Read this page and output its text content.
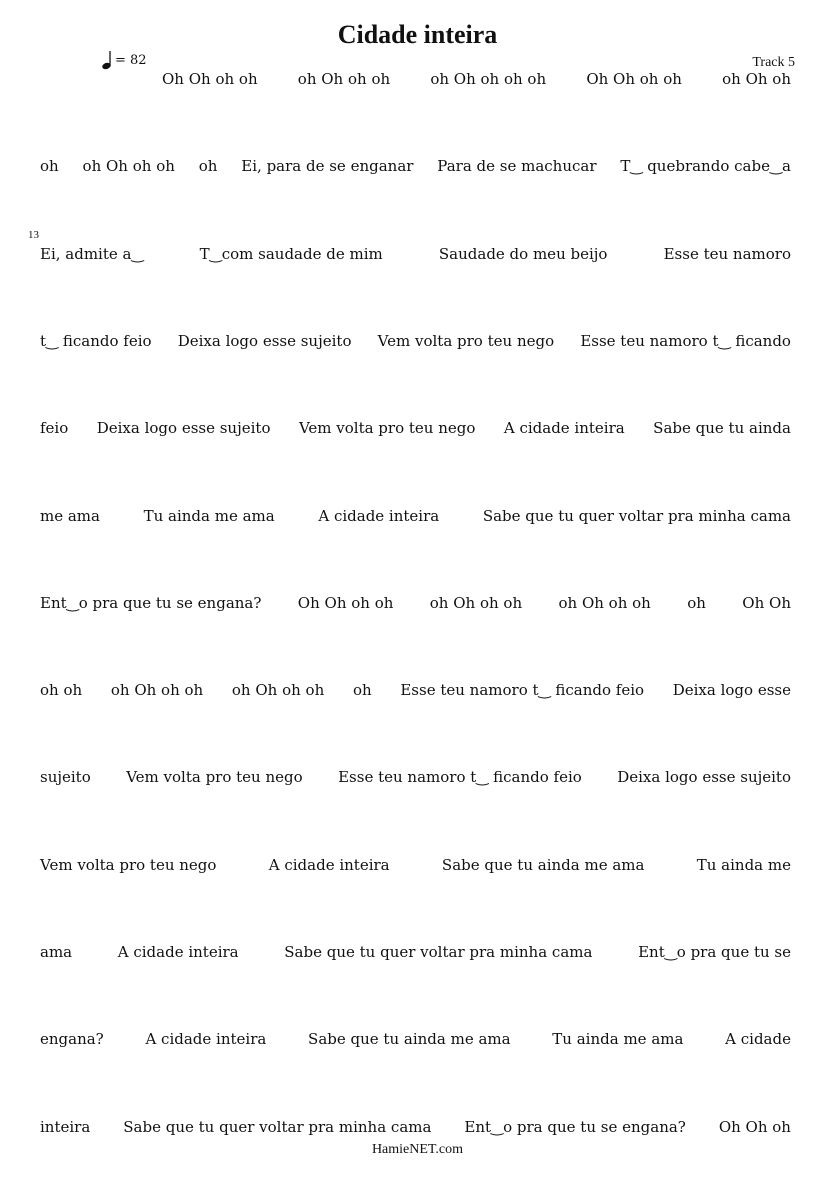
Cidade inteira
= 82	Track 5
13
Oh Oh oh oh	oh Oh oh oh	oh Oh oh oh oh	Oh Oh oh oh	oh Oh oh
oh oh Oh oh oh oh Ei, para de se enganar Para de se machucar T‿ quebrando cabe‿a
Ei, admite a‿	T‿com saudade de mim	Saudade do meu beijo	Esse teu namoro
t‿ ficando feio Deixa logo esse sujeito Vem volta pro teu nego Esse teu namoro t‿ ficando
feio Deixa logo esse sujeito Vem volta pro teu nego A cidade inteira Sabe que tu ainda
me ama	Tu ainda me ama	A cidade inteira	Sabe que tu quer voltar pra minha cama
Ent‿o pra que tu se engana? Oh Oh oh oh oh Oh oh oh oh Oh oh oh oh Oh Oh
oh oh oh Oh oh oh oh Oh oh oh oh Esse teu namoro t‿ ficando feio Deixa logo esse
sujeito Vem volta pro teu nego Esse teu namoro t‿ ficando feio Deixa logo esse sujeito
Vem volta pro teu nego	A cidade inteira	Sabe que tu ainda me ama	Tu ainda me
ama	A cidade inteira	Sabe que tu quer voltar pra minha cama	Ent‿o pra que tu se
engana?	A cidade inteira	Sabe que tu ainda me ama	Tu ainda me ama	A cidade
inteira Sabe que tu quer voltar pra minha cama Ent‿o pra que tu se engana? Oh Oh oh
HamieNET.com
